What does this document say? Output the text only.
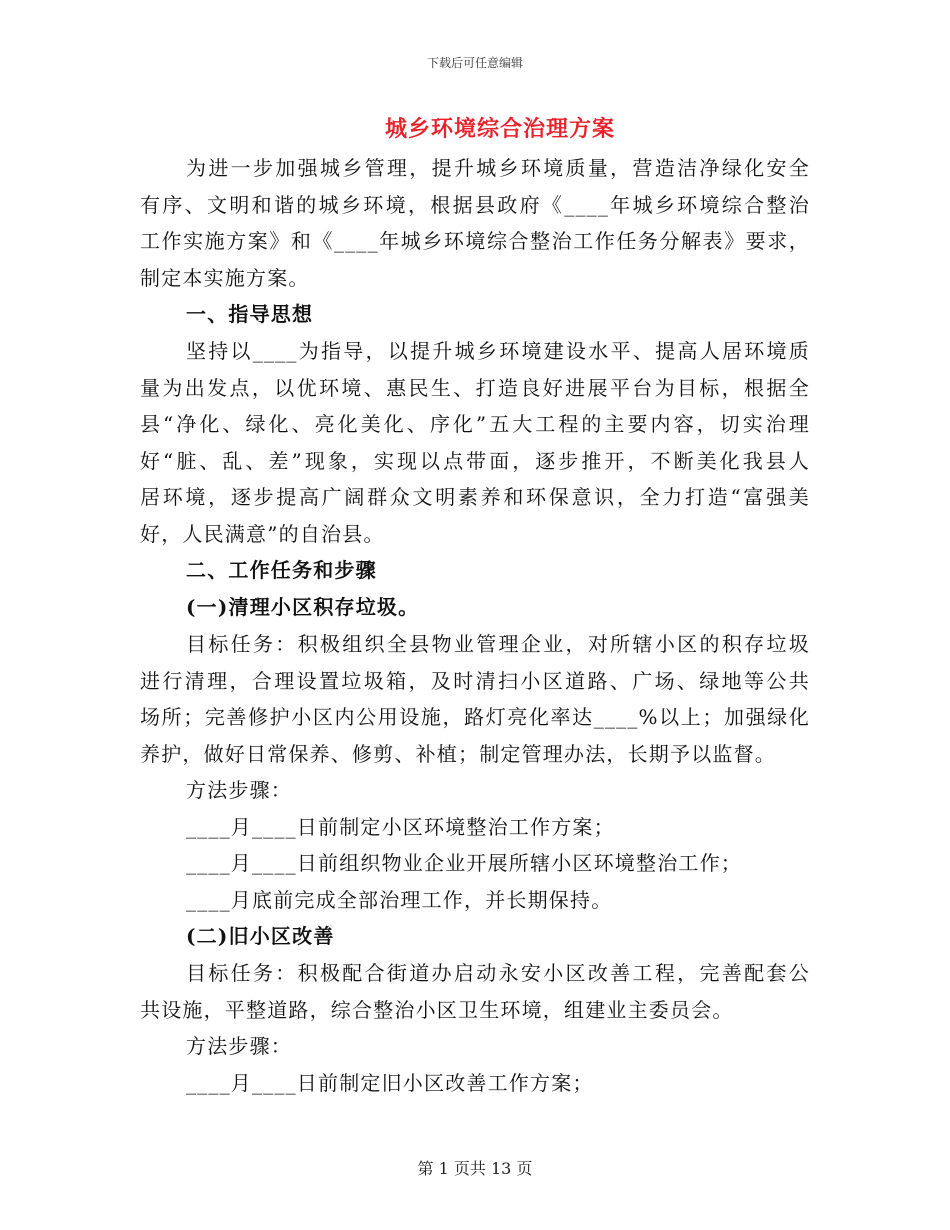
下载后可任意编辑
城乡环境综合治理方案
为进一步加强城乡管理，提升城乡环境质量，营造洁净绿化安全
有序、文明和谐的城乡环境，根据县政府《____年城乡环境综合整治
工作实施方案》和《____年城乡环境综合整治工作任务分解表》要求，
制定本实施方案。
一、指导思想
坚持以____为指导，以提升城乡环境建设水平、提高人居环境质
量为出发点，以优环境、惠民生、打造良好进展平台为目标，根据全
县“净化、绿化、亮化美化、序化”五大工程的主要内容，切实治理
好“脏、乱、差”现象，实现以点带面，逐步推开，不断美化我县人
居环境，逐步提高广阔群众文明素养和环保意识，全力打造“富强美
好，人民满意”的自治县。
二、工作任务和步骤
(一)清理小区积存垃圾。
目标任务：积极组织全县物业管理企业，对所辖小区的积存垃圾
进行清理，合理设置垃圾箱，及时清扫小区道路、广场、绿地等公共
场所；完善修护小区内公用设施，路灯亮化率达____%以上；加强绿化
养护，做好日常保养、修剪、补植；制定管理办法，长期予以监督。
方法步骤：
____月____日前制定小区环境整治工作方案；
____月____日前组织物业企业开展所辖小区环境整治工作；
____月底前完成全部治理工作，并长期保持。
(二)旧小区改善
目标任务：积极配合街道办启动永安小区改善工程，完善配套公
共设施，平整道路，综合整治小区卫生环境，组建业主委员会。
方法步骤：
____月____日前制定旧小区改善工作方案；
第 1 页共 13 页
